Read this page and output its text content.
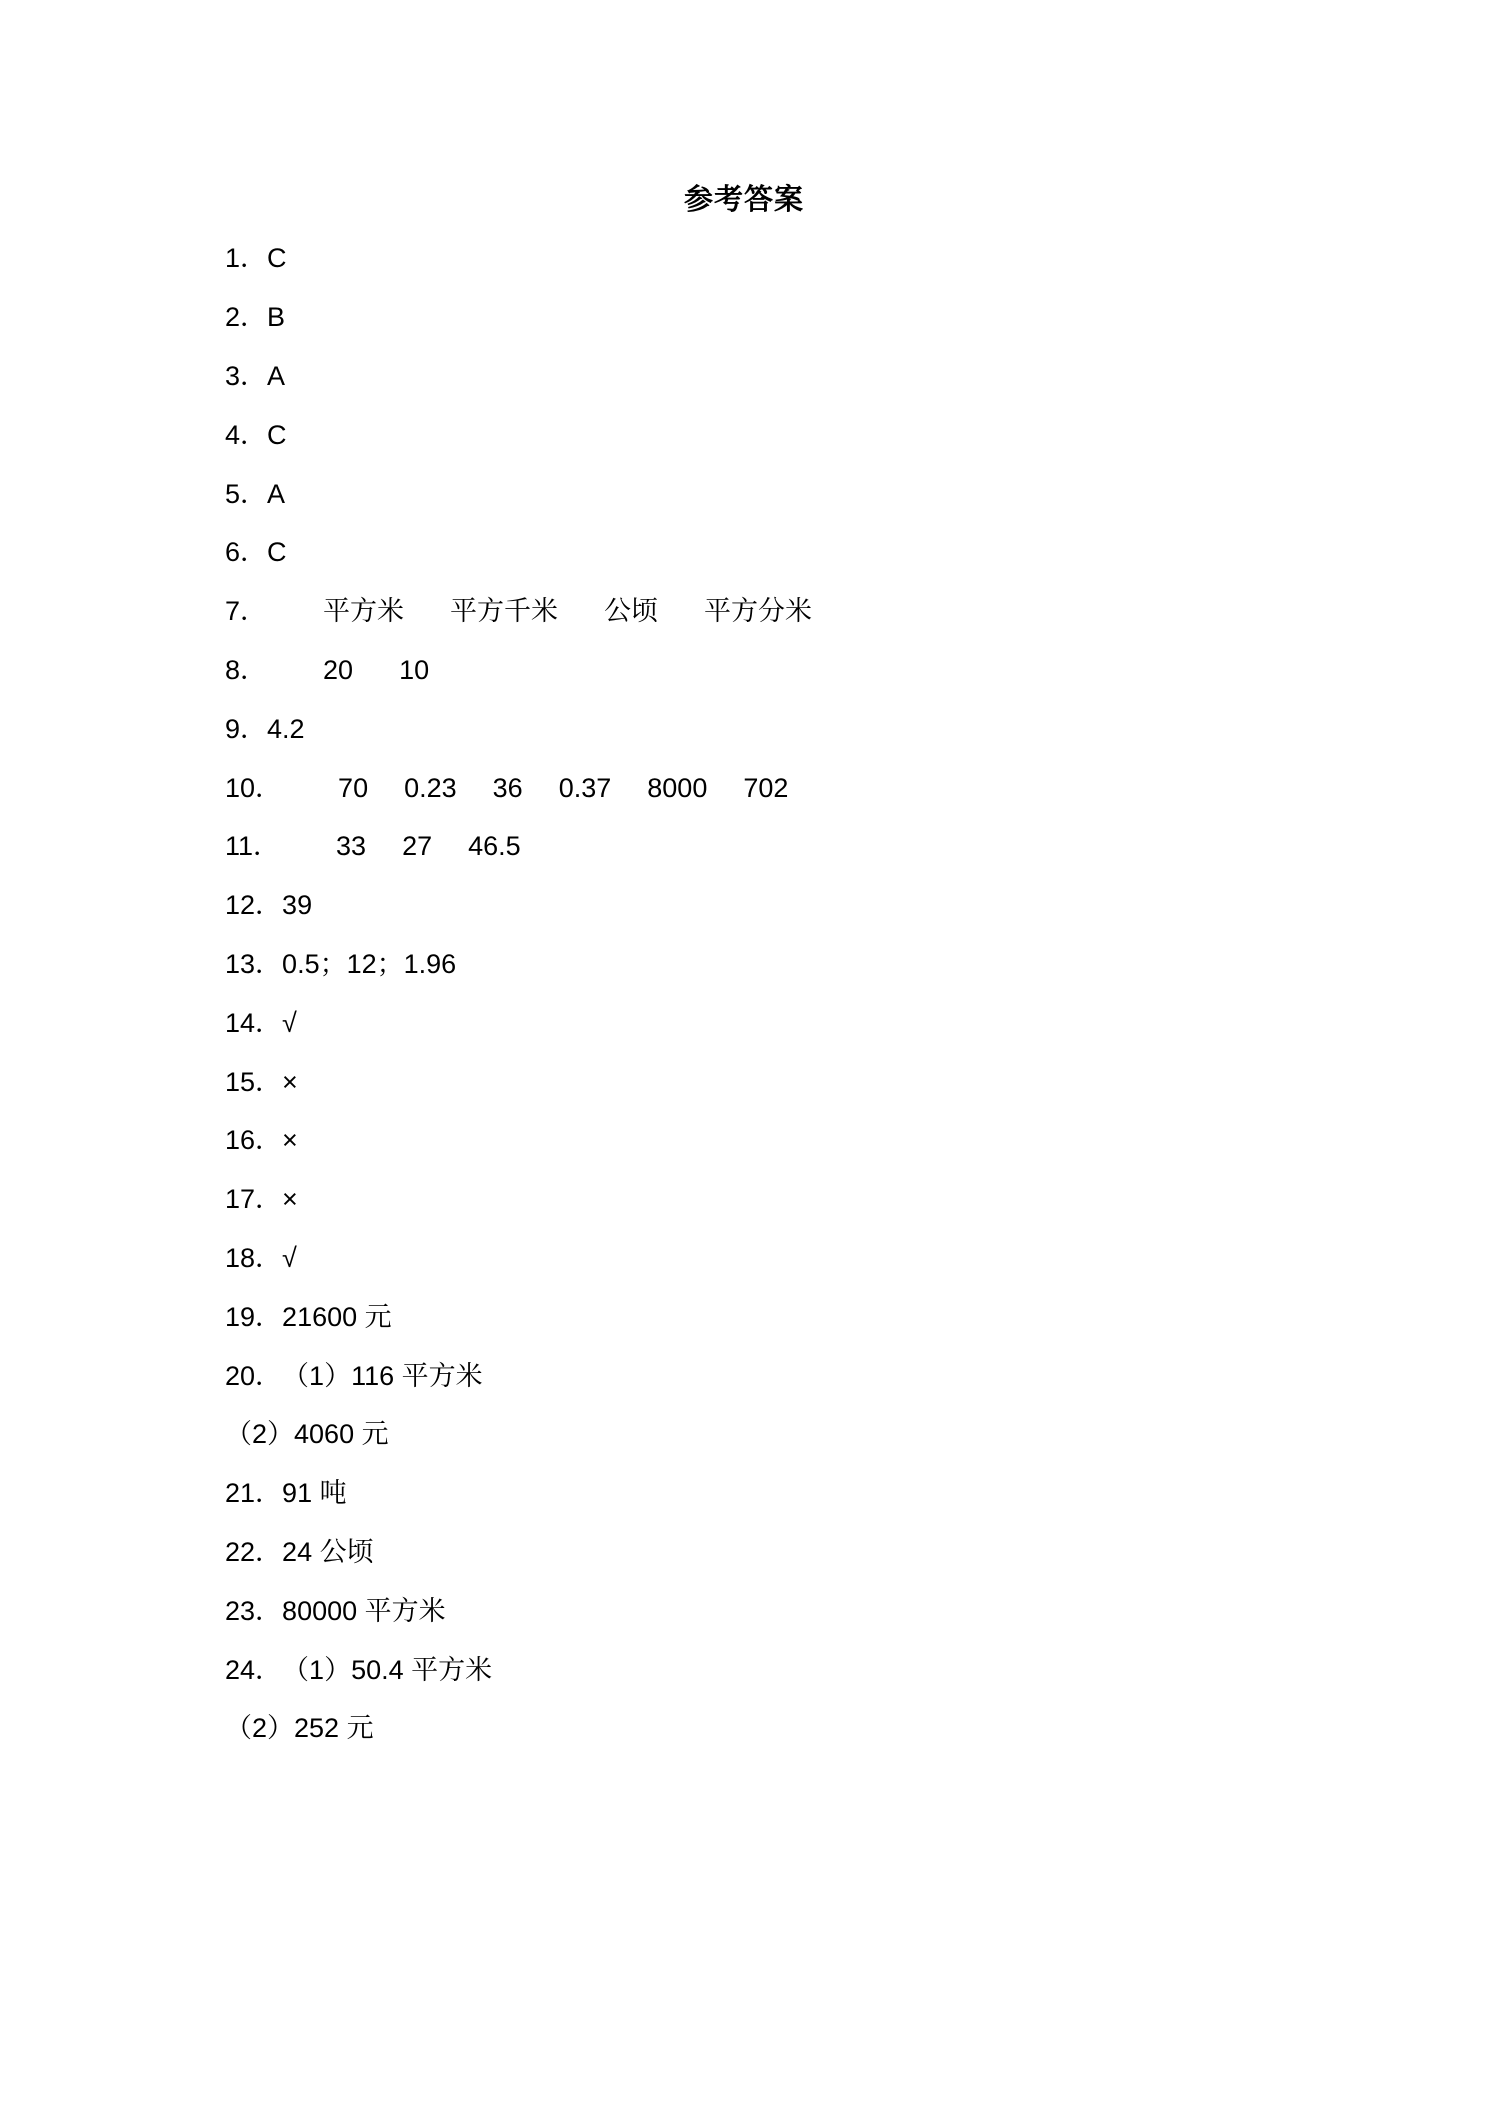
参考答案
1． C
2． B
3． A
4． C
5． A
6． C
7． 平方米 平方千米 公顷 平方分米
8． 20 10
9． 4.2
10． 70 0.23 36 0.37 8000 702
11． 33 27 46.5
12． 39
13． 0.5；12；1.96
14． √
15． ×
16． ×
17． ×
18． √
19． 21600 元
20． （1）116 平方米
（2）4060 元
21． 91 吨
22． 24 公顷
23． 80000 平方米
24． （1）50.4 平方米
（2）252 元
